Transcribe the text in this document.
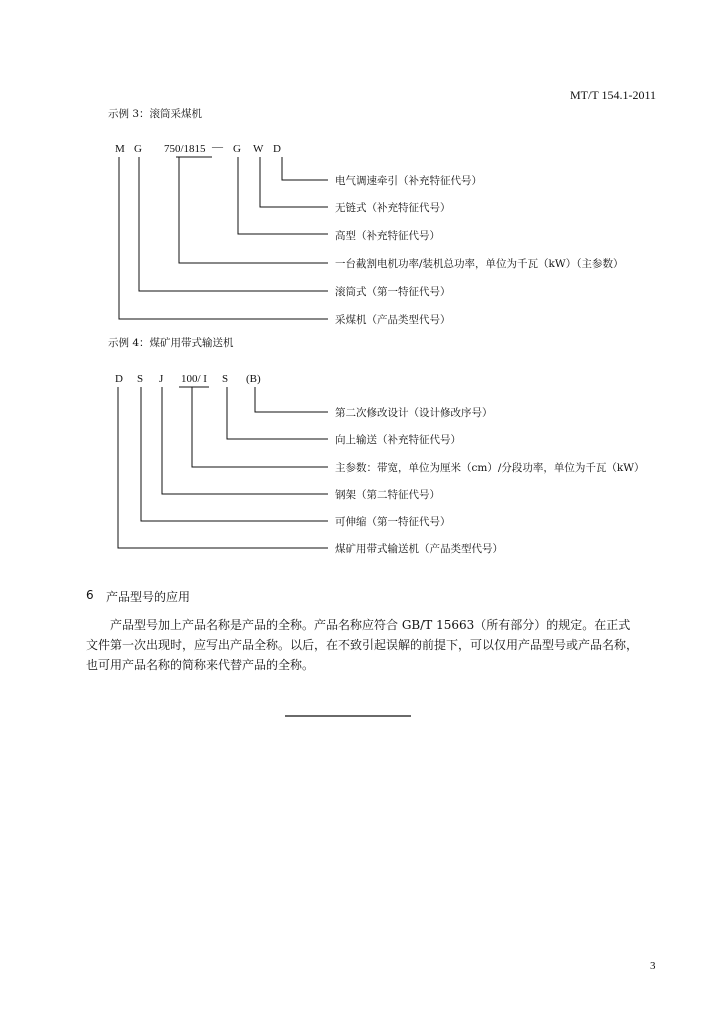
MT/T 154.1-2011
示例 3：滚筒采煤机
M G 750/1815 — G W D
电气调速牵引（补充特征代号）
无链式（补充特征代号）
高型（补充特征代号）
一台截割电机功率/装机总功率，单位为千瓦（kW）（主参数）
滚筒式（第一特征代号）
采煤机（产品类型代号）
示例 4：煤矿用带式输送机
D S J 100/ I S (B)
第二次修改设计（设计修改序号）
向上输送（补充特征代号）
主参数：带宽，单位为厘米（cm）/分段功率，单位为千瓦（kW）
钢架（第二特征代号）
可伸缩（第一特征代号）
煤矿用带式输送机（产品类型代号）
6 产品型号的应用
产品型号加上产品名称是产品的全称。产品名称应符合 GB/T 15663（所有部分）的规定。在正式
文件第一次出现时，应写出产品全称。以后，在不致引起误解的前提下，可以仅用产品型号或产品名称，
也可用产品名称的简称来代替产品的全称。
3
